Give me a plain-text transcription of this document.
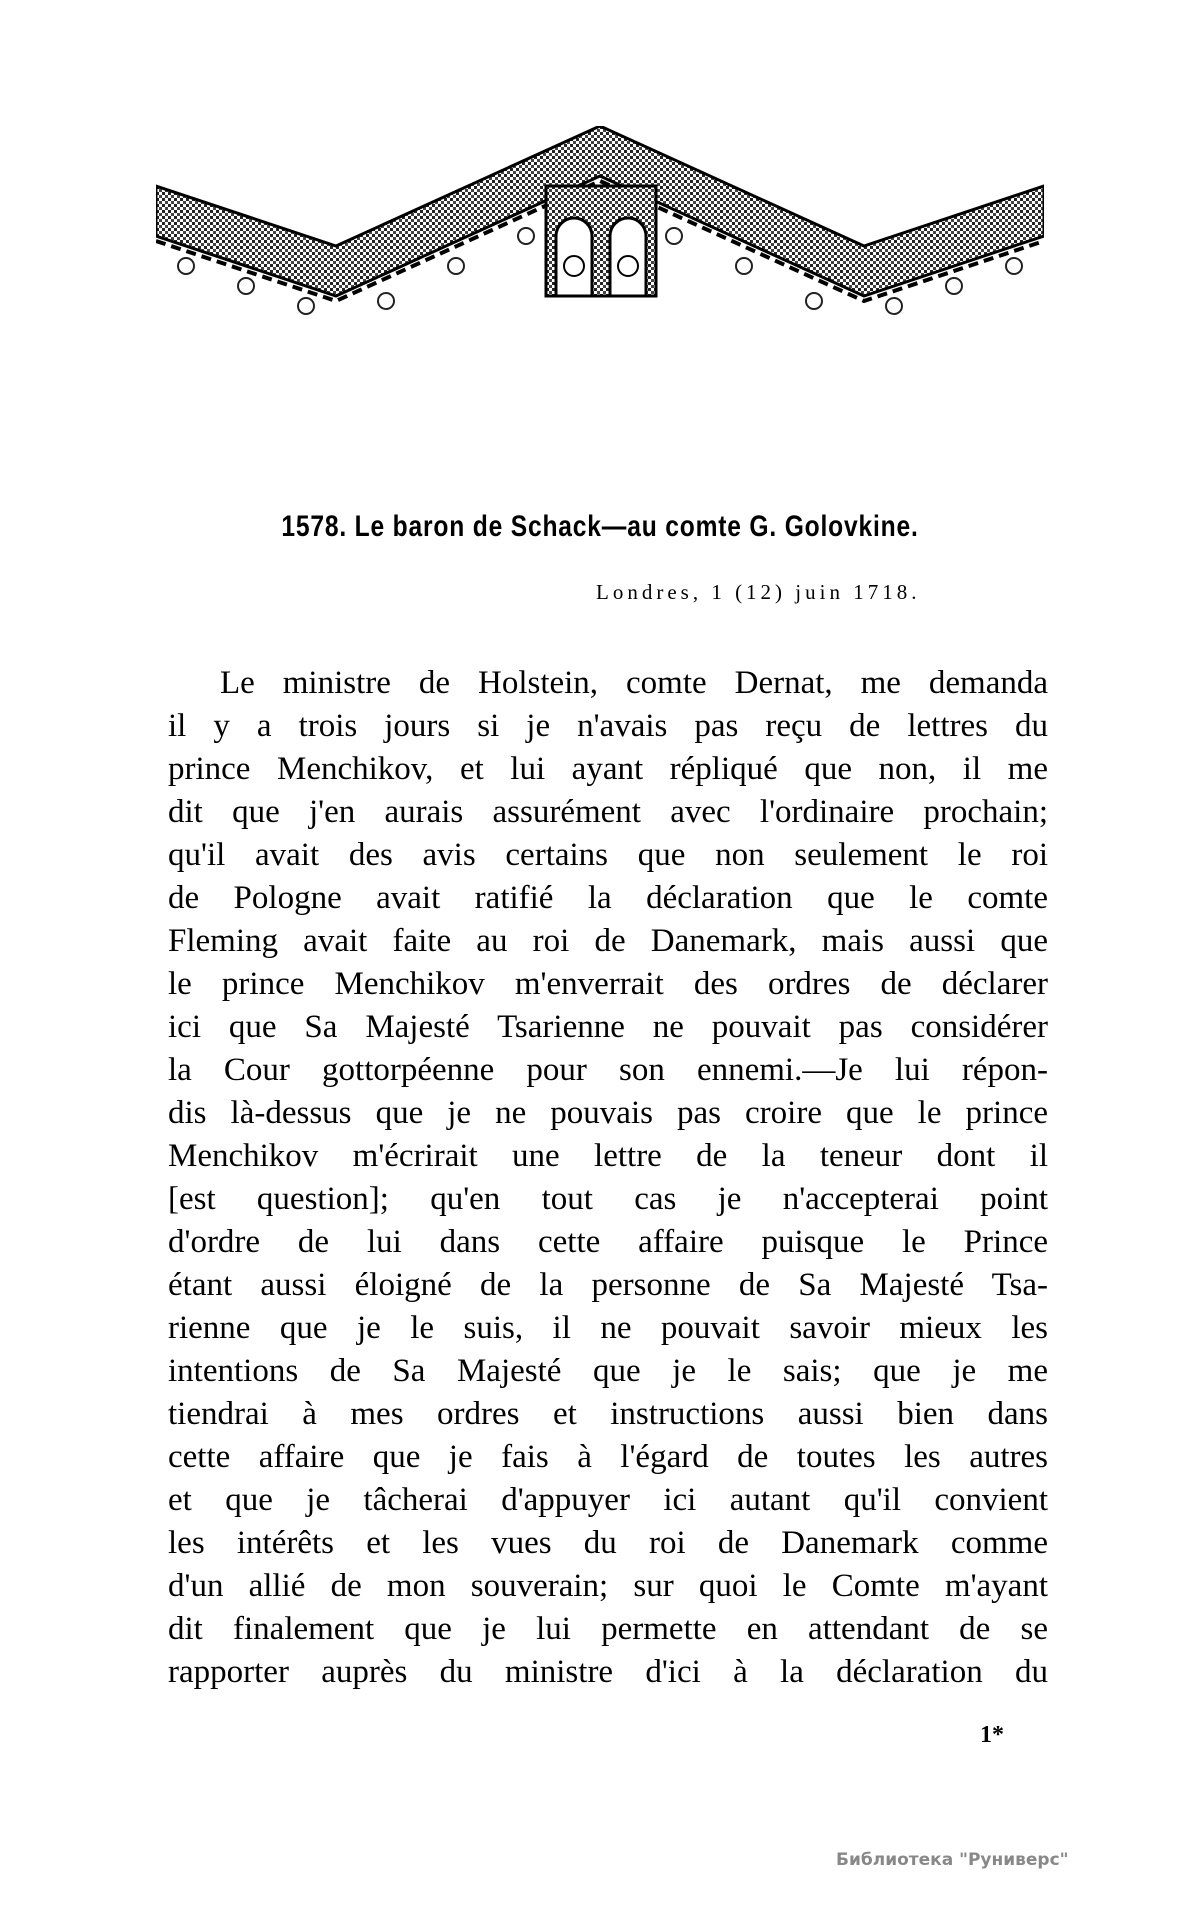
1578. Le baron de Schack—au comte G. Golovkine.
Londres, 1 (12) juin 1718.
Le ministre de Holstein, comte Dernat, me demanda
il y a trois jours si je n'avais pas reçu de lettres du
prince Menchikov, et lui ayant répliqué que non, il me
dit que j'en aurais assurément avec l'ordinaire prochain;
qu'il avait des avis certains que non seulement le roi
de Pologne avait ratifié la déclaration que le comte
Fleming avait faite au roi de Danemark, mais aussi que
le prince Menchikov m'enverrait des ordres de déclarer
ici que Sa Majesté Tsarienne ne pouvait pas considérer
la Cour gottorpéenne pour son ennemi.—Je lui répon-
dis là-dessus que je ne pouvais pas croire que le prince
Menchikov m'écrirait une lettre de la teneur dont il
[est question]; qu'en tout cas je n'accepterai point
d'ordre de lui dans cette affaire puisque le Prince
étant aussi éloigné de la personne de Sa Majesté Tsa-
rienne que je le suis, il ne pouvait savoir mieux les
intentions de Sa Majesté que je le sais; que je me
tiendrai à mes ordres et instructions aussi bien dans
cette affaire que je fais à l'égard de toutes les autres
et que je tâcherai d'appuyer ici autant qu'il convient
les intérêts et les vues du roi de Danemark comme
d'un allié de mon souverain; sur quoi le Comte m'ayant
dit finalement que je lui permette en attendant de se
rapporter auprès du ministre d'ici à la déclaration du
1*
Библиотека "Руниверс"
